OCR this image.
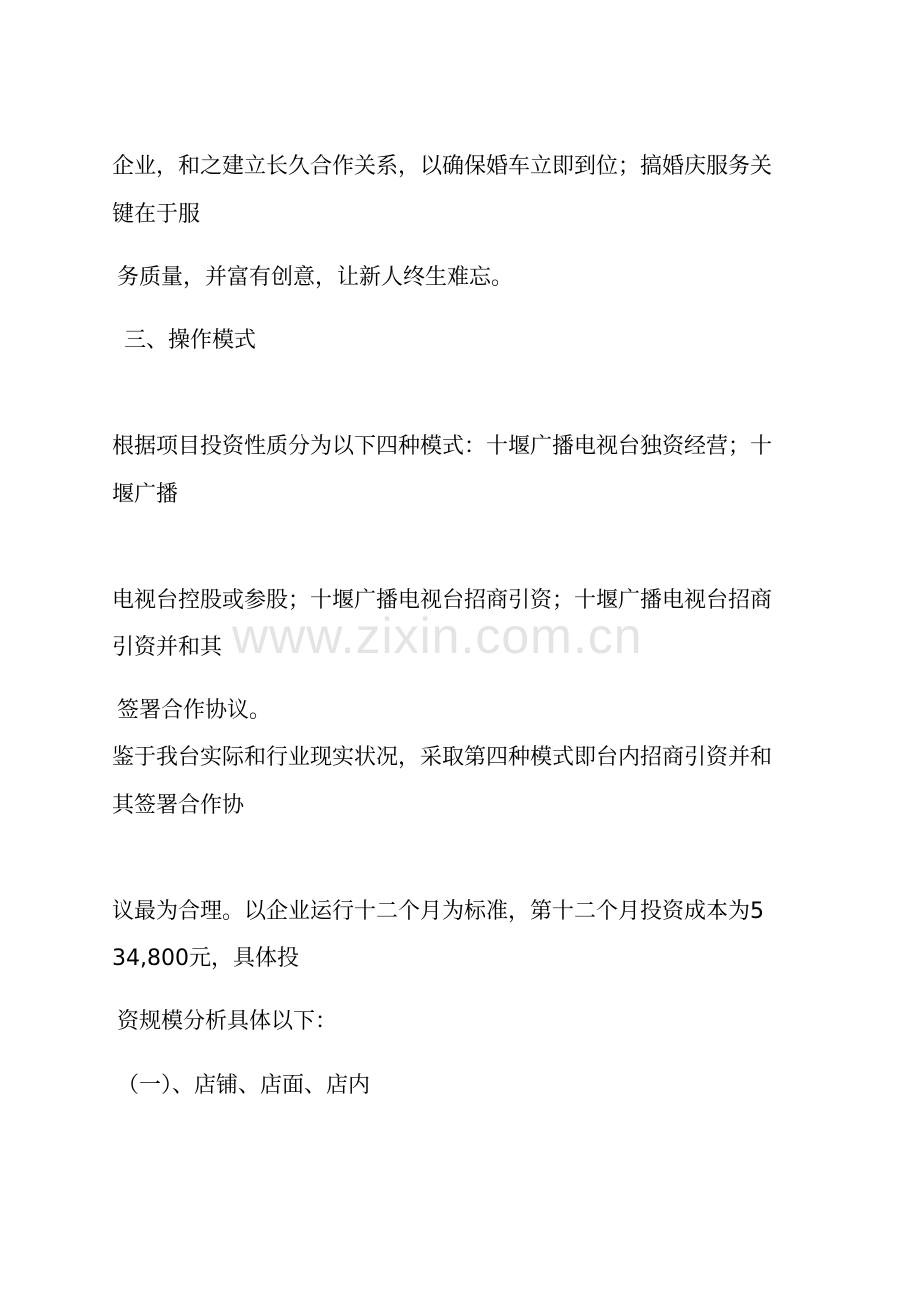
www.zixin.com.cn

企业，和之建立长久合作关系，以确保婚车立即到位；搞婚庆服务关

键在于服

务质量，并富有创意，让新人终生难忘。

三、操作模式

根据项目投资性质分为以下四种模式：十堰广播电视台独资经营；十

堰广播

电视台控股或参股；十堰广播电视台招商引资；十堰广播电视台招商

引资并和其

签署合作协议。

鉴于我台实际和行业现实状况，采取第四种模式即台内招商引资并和

其签署合作协

议最为合理。以企业运行十二个月为标准，第十二个月投资成本为5

34,800元，具体投

资规模分析具体以下：

（一）、店铺、店面、店内
